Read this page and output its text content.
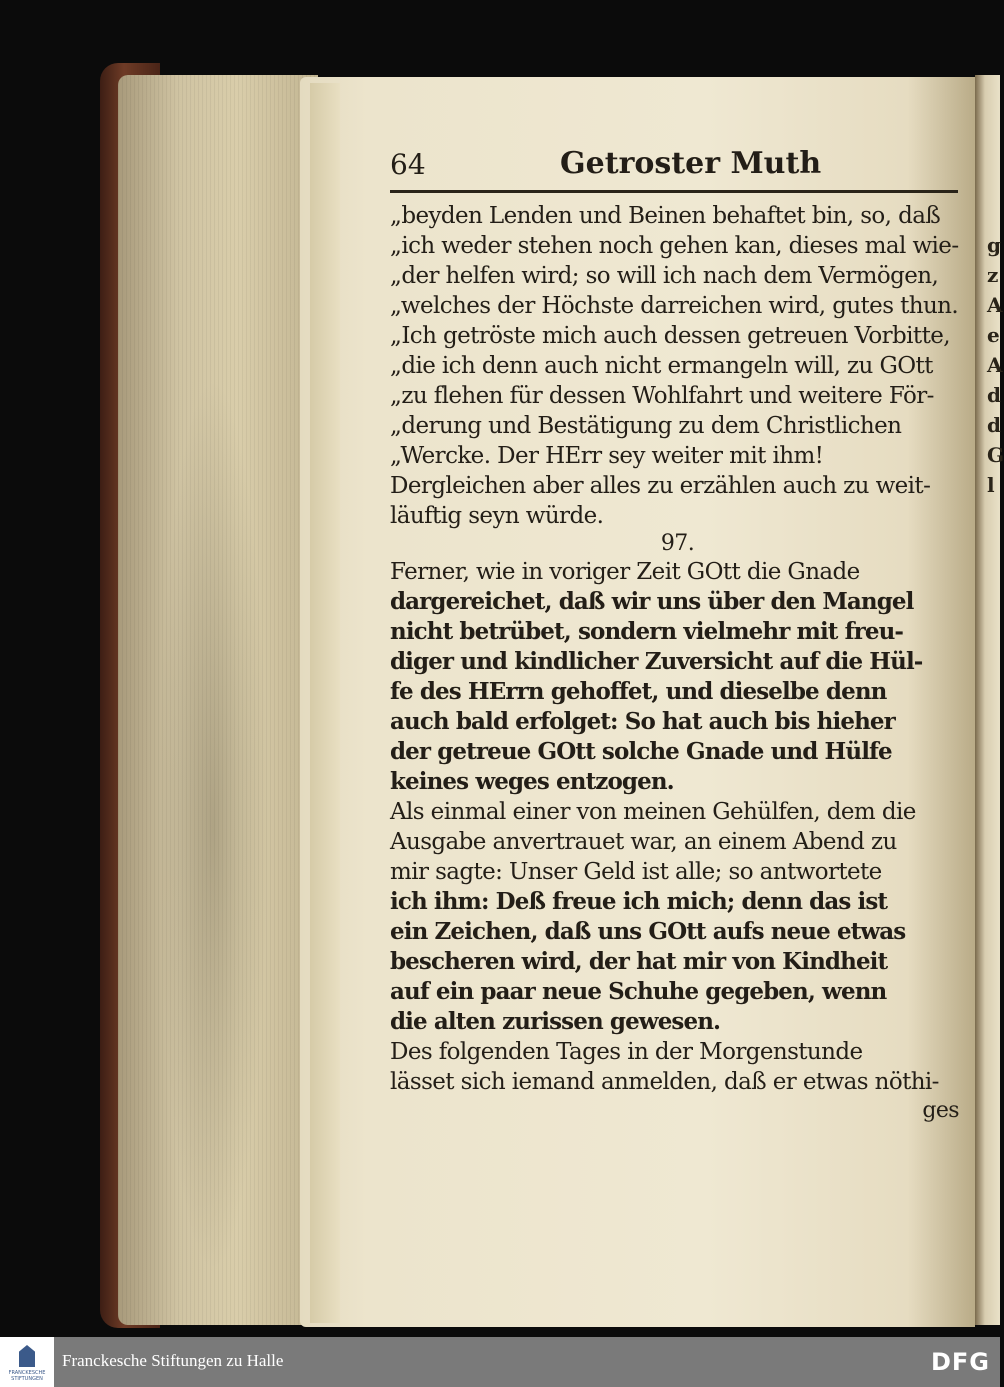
g
z
A
e
A
d
d
G
l
64	Getroster Muth
„beyden Lenden und Beinen behaftet bin, so, daß
„ich weder stehen noch gehen kan, dieses mal wie-
„der helfen wird; so will ich nach dem Vermögen,
„welches der Höchste darreichen wird, gutes thun.
„Ich getröste mich auch dessen getreuen Vorbitte,
„die ich denn auch nicht ermangeln will, zu GOtt
„zu flehen für dessen Wohlfahrt und weitere För-
„derung und Bestätigung zu dem Christlichen
„Wercke. Der HErr sey weiter mit ihm!
Dergleichen aber alles zu erzählen auch zu weit-
läuftig seyn würde.
97.
Ferner, wie in voriger Zeit GOtt die Gnade
dargereichet, daß wir uns über den Mangel
nicht betrübet, sondern vielmehr mit freu-
diger und kindlicher Zuversicht auf die Hül-
fe des HErrn gehoffet, und dieselbe denn
auch bald erfolget: So hat auch bis hieher
der getreue GOtt solche Gnade und Hülfe
keines weges entzogen.
Als einmal einer von meinen Gehülfen, dem die
Ausgabe anvertrauet war, an einem Abend zu
mir sagte: Unser Geld ist alle; so antwortete
ich ihm: Deß freue ich mich; denn das ist
ein Zeichen, daß uns GOtt aufs neue etwas
bescheren wird, der hat mir von Kindheit
auf ein paar neue Schuhe gegeben, wenn
die alten zurissen gewesen.
Des folgenden Tages in der Morgenstunde
lässet sich iemand anmelden, daß er etwas nöthi-
ges
FRANCKESCHE STIFTUNGEN
Franckesche Stiftungen zu Halle	DFG
